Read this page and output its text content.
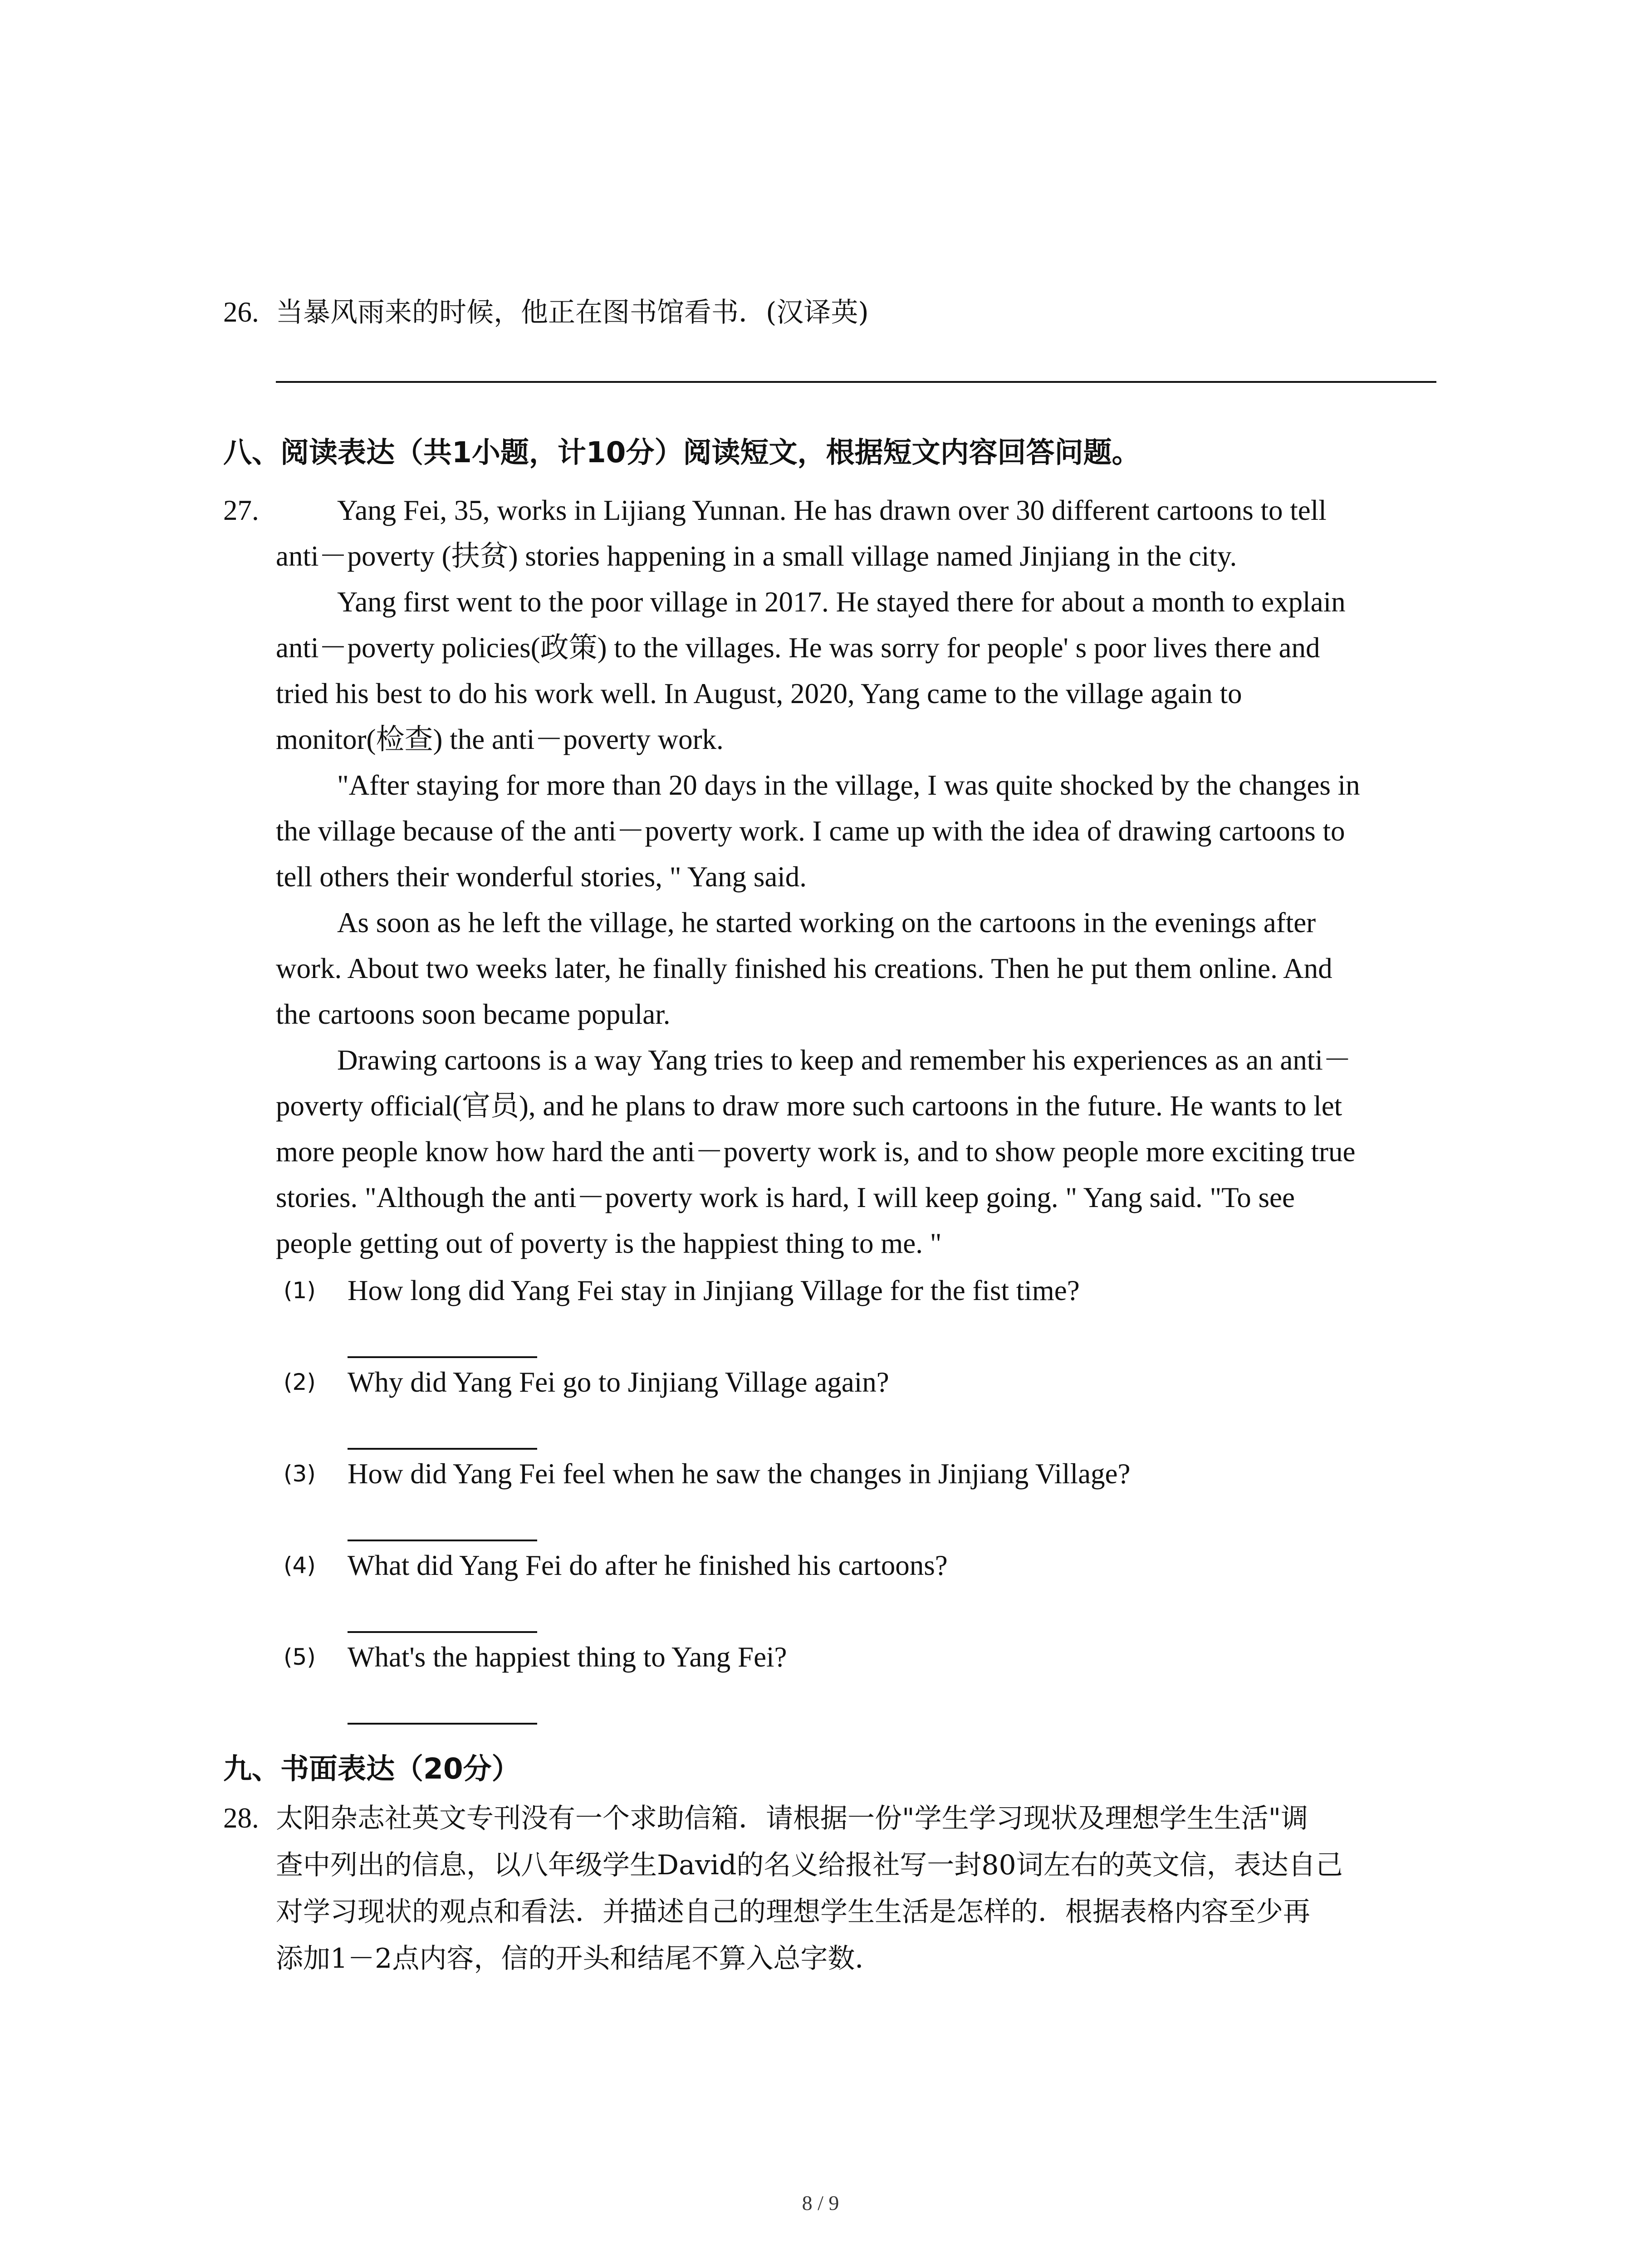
26. 当暴风雨来的时候，他正在图书馆看书．(汉译英)
八、阅读表达（共1小题，计10分）阅读短文，根据短文内容回答问题。
27.	Yang Fei, 35, works in Lijiang Yunnan. He has drawn over 30 different cartoons to tell
anti－poverty (扶贫) stories happening in a small village named Jinjiang in the city.
Yang first went to the poor village in 2017. He stayed there for about a month to explain
anti－poverty policies(政策) to the villages. He was sorry for people' s poor lives there and
tried his best to do his work well. In August, 2020, Yang came to the village again to
monitor(检查) the anti－poverty work.
"After staying for more than 20 days in the village, I was quite shocked by the changes in
the village because of the anti－poverty work. I came up with the idea of drawing cartoons to
tell others their wonderful stories, " Yang said.
As soon as he left the village, he started working on the cartoons in the evenings after
work. About two weeks later, he finally finished his creations. Then he put them online. And
the cartoons soon became popular.
Drawing cartoons is a way Yang tries to keep and remember his experiences as an anti－
poverty official(官员), and he plans to draw more such cartoons in the future. He wants to let
more people know how hard the anti－poverty work is, and to show people more exciting true
stories. "Although the anti－poverty work is hard, I will keep going. " Yang said. "To see
people getting out of poverty is the happiest thing to me. "
(1) How long did Yang Fei stay in Jinjiang Village for the fist time?
(2) Why did Yang Fei go to Jinjiang Village again?
(3) How did Yang Fei feel when he saw the changes in Jinjiang Village?
(4) What did Yang Fei do after he finished his cartoons?
(5) What's the happiest thing to Yang Fei?
九、书面表达（20分）
28. 太阳杂志社英文专刊没有一个求助信箱．请根据一份"学生学习现状及理想学生生活"调
查中列出的信息，以八年级学生David的名义给报社写一封80词左右的英文信，表达自己
对学习现状的观点和看法．并描述自己的理想学生生活是怎样的．根据表格内容至少再
添加1－2点内容，信的开头和结尾不算入总字数．
8 / 9
